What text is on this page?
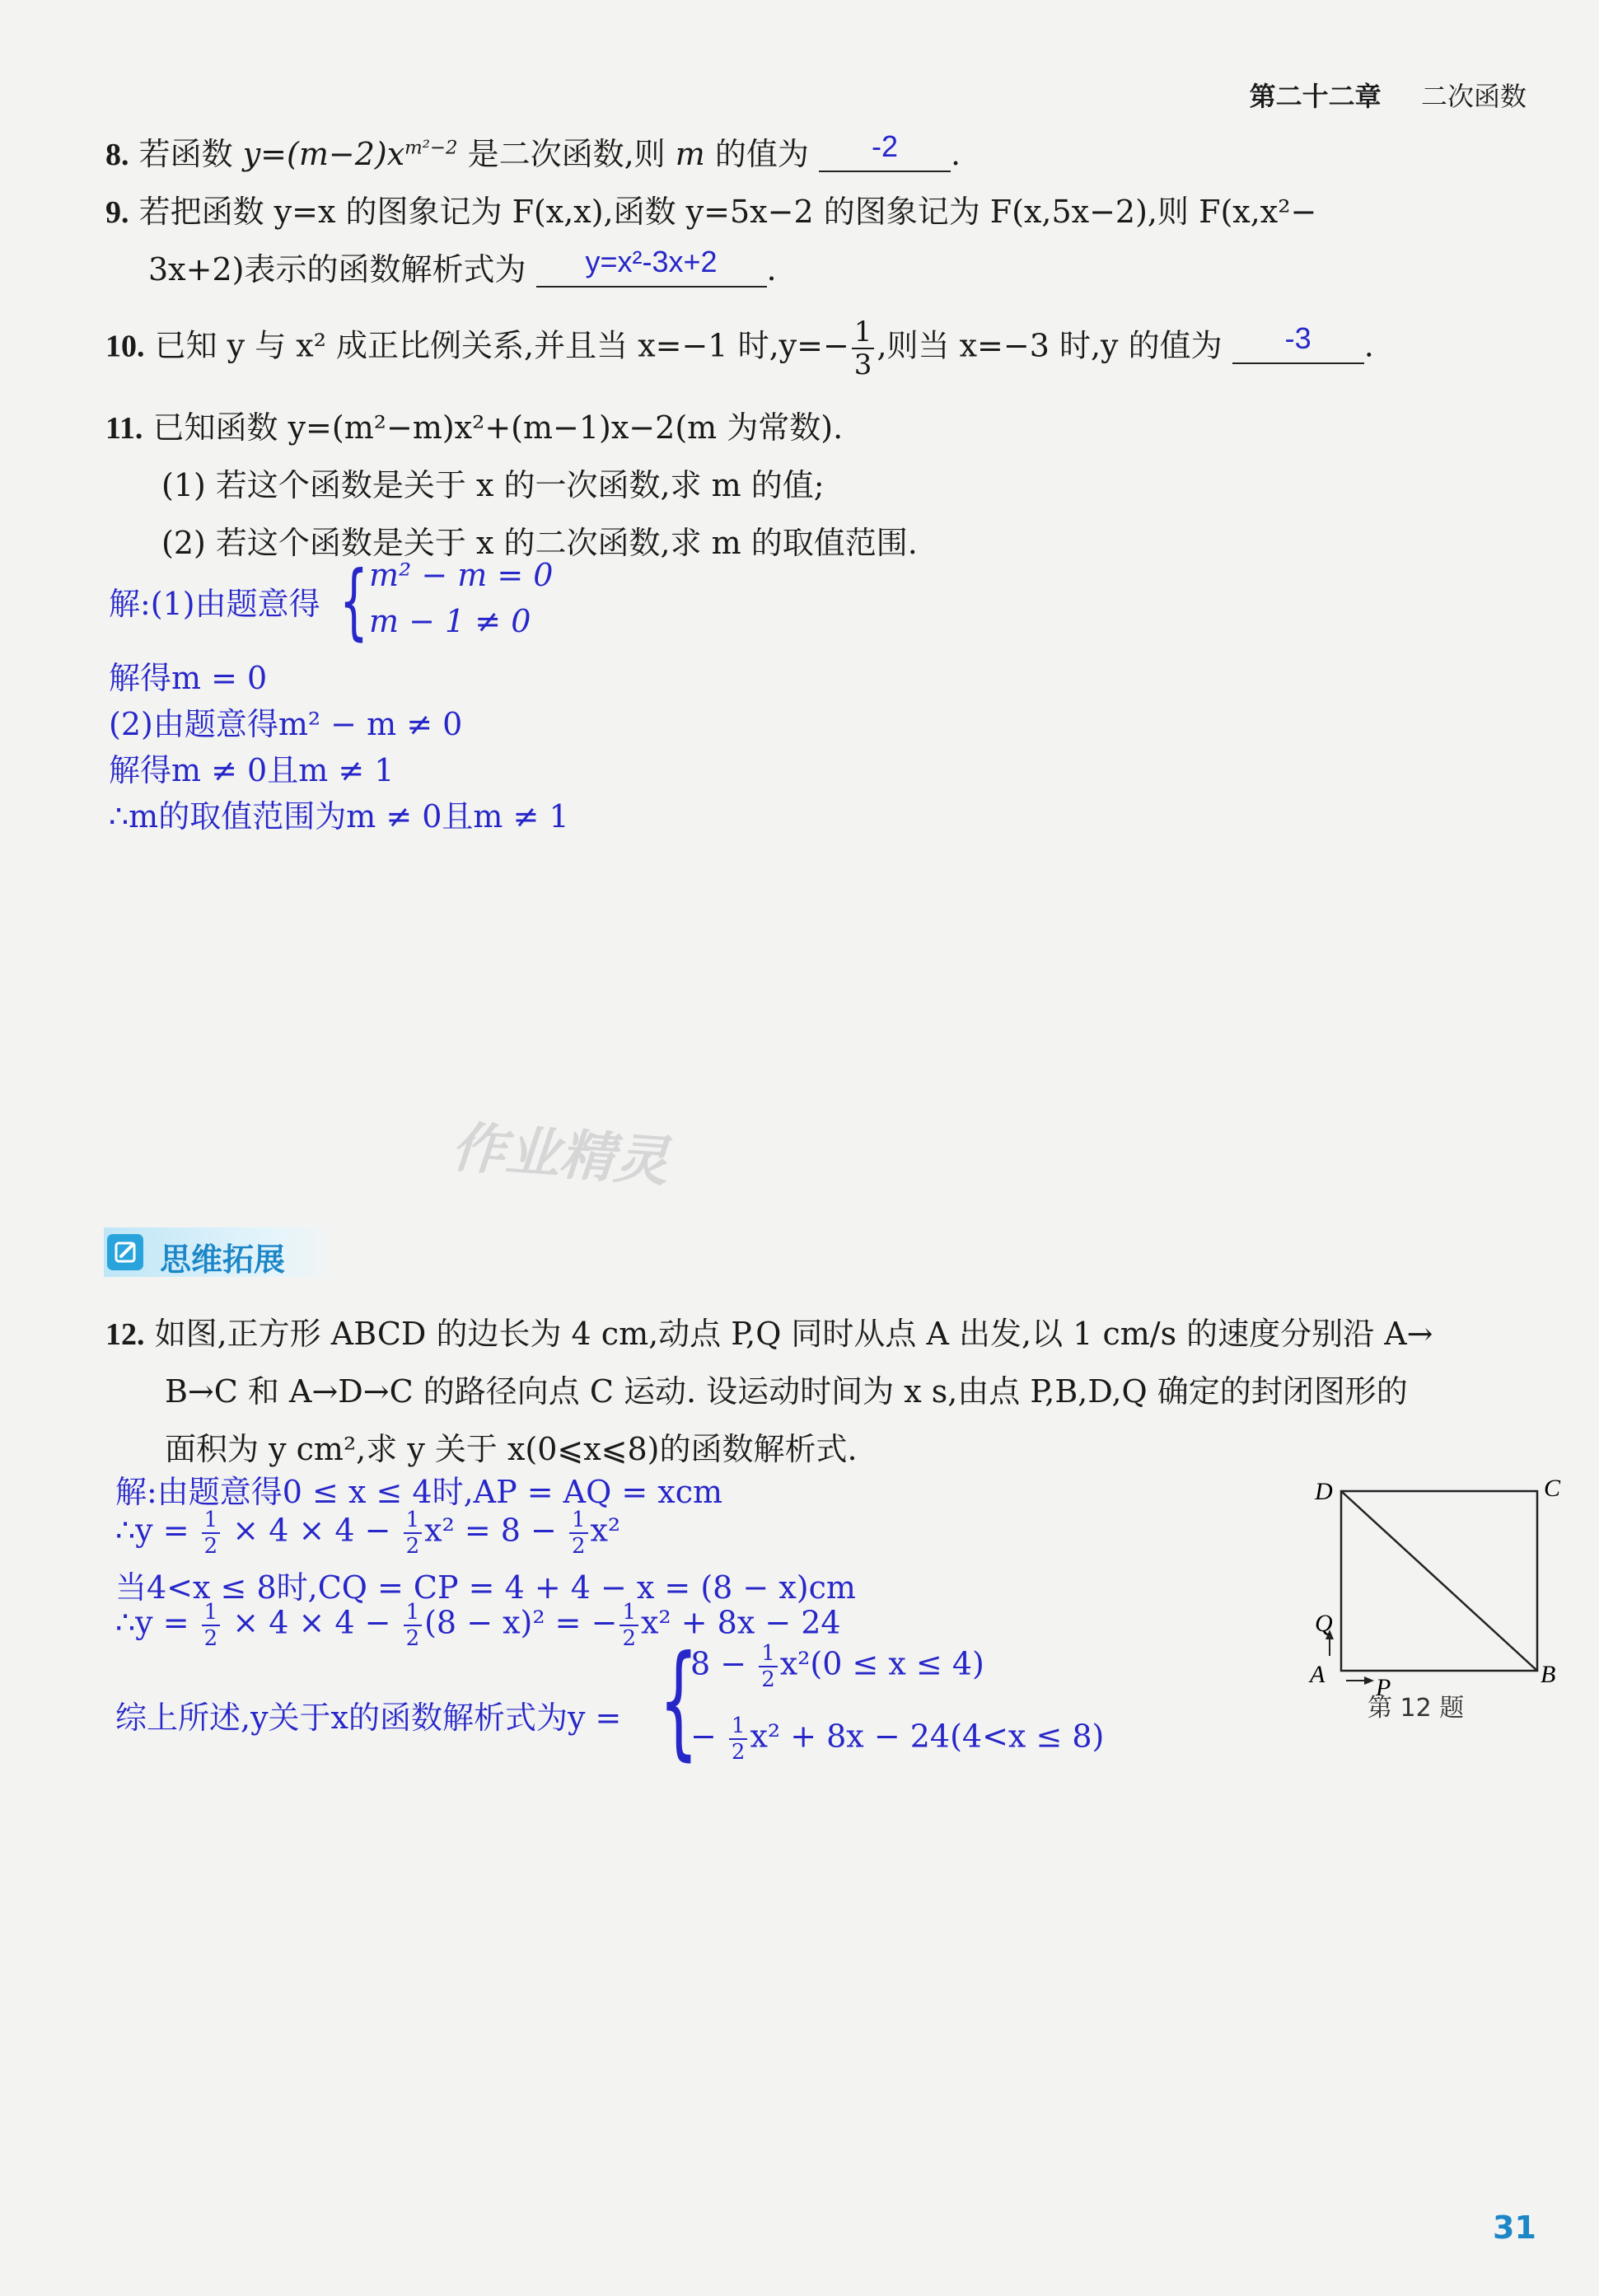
第二十二章 二次函数
8. 若函数 $y=(m-2)x^{m^2-2}$ 是二次函数,则 m 的值为 -2 .
9. 若把函数 y=x 的图象记为 F(x,x),函数 y=5x−2 的图象记为 F(x,5x−2),则 F(x,x²−
3x+2)表示的函数解析式为 y=x²-3x+2 .
10. 已知 y 与 x² 成正比例关系,并且当 x=−1 时$,y=- \frac{1}{3}$ ,则当 x=−3 时,y 的值为 -3 .
11. 已知函数 y=(m²−m)x²+(m−1)x−2(m 为常数).
(1) 若这个函数是关于 x 的一次函数,求 m 的值;
(2) 若这个函数是关于 x 的二次函数,求 m 的取值范围.
解:(1)由题意得 { m² − m = 0
m − 1 ≠ 0
解得m = 0
(2)由题意得m² − m ≠ 0
解得m ≠ 0且m ≠ 1
∴m的取值范围为m ≠ 0且m ≠ 1
作业精灵
思维拓展
12. 如图,正方形 ABCD 的边长为 4 cm,动点 P,Q 同时从点 A 出发,以 1 cm/s 的速度分别沿 A→
B→C 和 A→D→C 的路径向点 C 运动. 设运动时间为 x s,由点 P,B,D,Q 确定的封闭图形的
面积为 y cm²,求 y 关于 x(0⩽x⩽8)的函数解析式.
解:由题意得0 ≤ x ≤ 4时,AP = AQ = xcm
∴y = $\frac{1}{2} \times 4 \times 4 - \frac{1}{2} x^2 = 8 - \frac{1}{2} x^2$
当4<x ≤ 8时,CQ = CP = 4 + 4 − x = (8 − x)cm
∴y = $\frac{1}{2} \times 4 \times 4 - \frac{1}{2} (8 - x)^2$ = − $\frac{1}{2} x^2 + 8x - 24$
综上所述,y关于x的函数解析式为y = {
$8 - \frac{1}{2} x^2(0 \le x \le 4)$
− $\frac{1}{2} x^2 + 8x - 24(4<x \le 8)$
D	C
Q
A P	B
第 12 题
31
